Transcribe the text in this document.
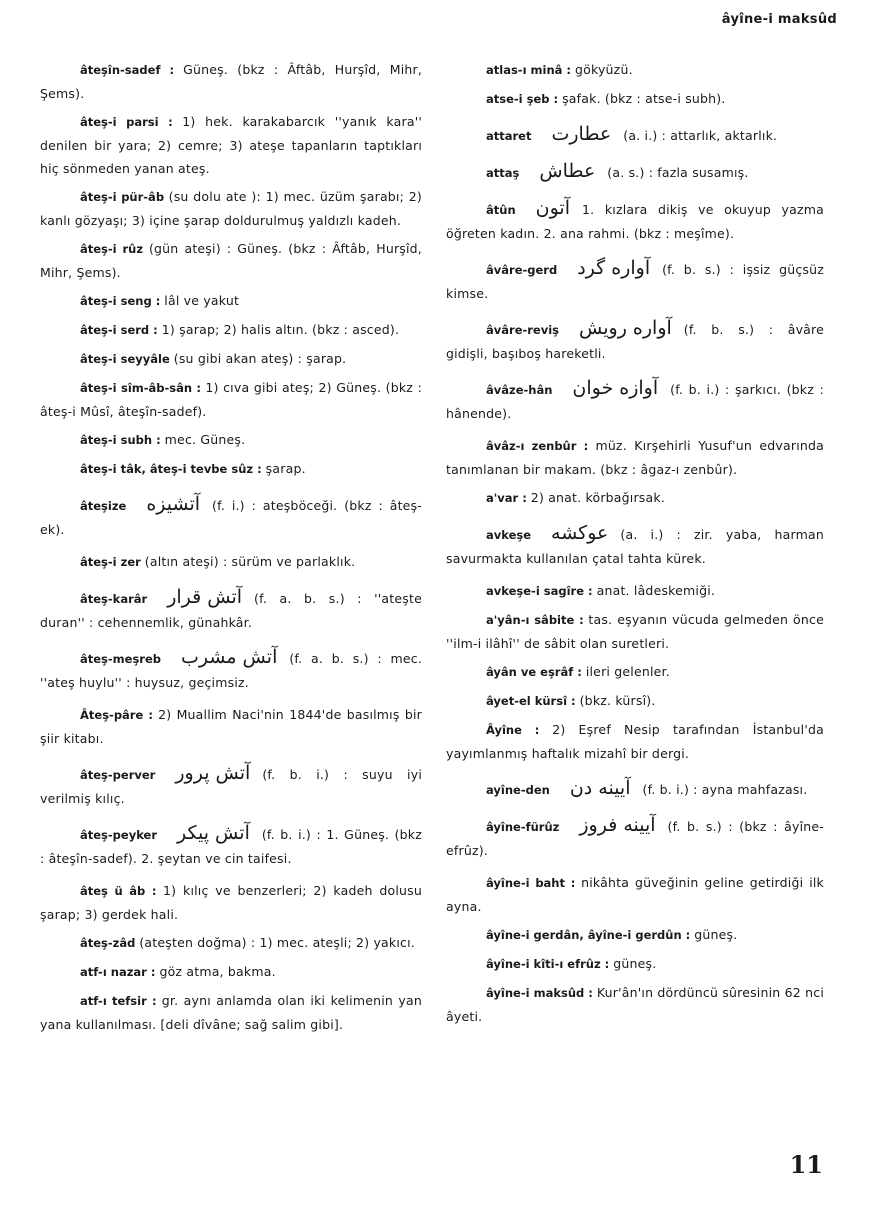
âyîne-i maksûd
âteşîn-sadef : Güneş. (bkz : Âftâb, Hurşîd, Mihr, Şems).
âteş-i parsi : 1) hek. karakabarcık ''yanık kara'' denilen bir yara; 2) cemre; 3) ateşe tapanların taptıkları hiç sönmeden yanan ateş.
âteş-i pür-âb (su dolu ate ): 1) mec. üzüm şarabı; 2) kanlı gözyaşı; 3) içine şarap doldurulmuş yaldızlı kadeh.
âteş-i rûz (gün ateşi) : Güneş. (bkz : Âftâb, Hurşîd, Mihr, Şems).
âteş-i seng : lâl ve yakut
âteş-i serd : 1) şarap; 2) halis altın. (bkz : asced).
âteş-i seyyâle (su gibi akan ateş) : şarap.
âteş-i sîm-âb-sân : 1) cıva gibi ateş; 2) Güneş. (bkz : âteş-i Mûsî, âteşîn-sadef).
âteş-i subh : mec. Güneş.
âteş-i tâk, âteş-i tevbe sûz : şarap.
âteşize آتشیزه (f. i.) : ateşböceği. (bkz : âteş-ek).
âteş-i zer (altın ateşi) : sürüm ve parlaklık.
âteş-karâr آتش قرار (f. a. b. s.) : ''ateşte duran'' : cehennemlik, günahkâr.
âteş-meşreb آتش مشرب (f. a. b. s.) : mec. ''ateş huylu'' : huysuz, geçimsiz.
Âteş-pâre : 2) Muallim Naci'nin 1844'de basılmış bir şiir kitabı.
âteş-perver آتش پرور (f. b. i.) : suyu iyi verilmiş kılıç.
âteş-peyker آتش پیکر (f. b. i.) : 1. Güneş. (bkz : âteşîn-sadef). 2. şeytan ve cin taifesi.
âteş ü âb : 1) kılıç ve benzerleri; 2) kadeh dolusu şarap; 3) gerdek hali.
âteş-zâd (ateşten doğma) : 1) mec. ateşli; 2) yakıcı.
atf-ı nazar : göz atma, bakma.
atf-ı tefsir : gr. aynı anlamda olan iki kelimenin yan yana kullanılması. [deli dîvâne; sağ salim gibi].
atlas-ı minâ : gökyüzü.
atse-i şeb : şafak. (bkz : atse-i subh).
attaret عطارت (a. i.) : attarlık, aktarlık.
attaş عطاش (a. s.) : fazla susamış.
âtûn آتون 1. kızlara dikiş ve okuyup yazma öğreten kadın. 2. ana rahmi. (bkz : meşîme).
âvâre-gerd آواره گرد (f. b. s.) : işsiz güçsüz kimse.
âvâre-reviş آواره رویش (f. b. s.) : âvâre gidişli, başıboş hareketli.
âvâze-hân آوازه خوان (f. b. i.) : şarkıcı. (bkz : hânende).
âvâz-ı zenbûr : müz. Kırşehirli Yusuf'un edvarında tanımlanan bir makam. (bkz : âgaz-ı zenbûr).
a'var : 2) anat. körbağırsak.
avkeşe عوکشه (a. i.) : zir. yaba, harman savurmakta kullanılan çatal tahta kürek.
avkeşe-i sagîre : anat. lâdeskemiği.
a'yân-ı sâbite : tas. eşyanın vücuda gelmeden önce ''ilm-i ilâhî'' de sâbit olan suretleri.
âyân ve eşrâf : ileri gelenler.
âyet-el kürsî : (bkz. kürsî).
Âyîne : 2) Eşref Nesip tarafından İstanbul'da yayımlanmış haftalık mizahî bir dergi.
ayîne-den آیینه دن (f. b. i.) : ayna mahfazası.
âyîne-fürûz آیینه فروز (f. b. s.) : (bkz : âyîne-efrûz).
âyîne-i baht : nikâhta güveğinin geline getirdiği ilk ayna.
âyîne-i gerdân, âyîne-i gerdûn : güneş.
âyîne-i kîti-ı efrûz : güneş.
âyîne-i maksûd : Kur'ân'ın dördüncü sûresinin 62 nci âyeti.
11
